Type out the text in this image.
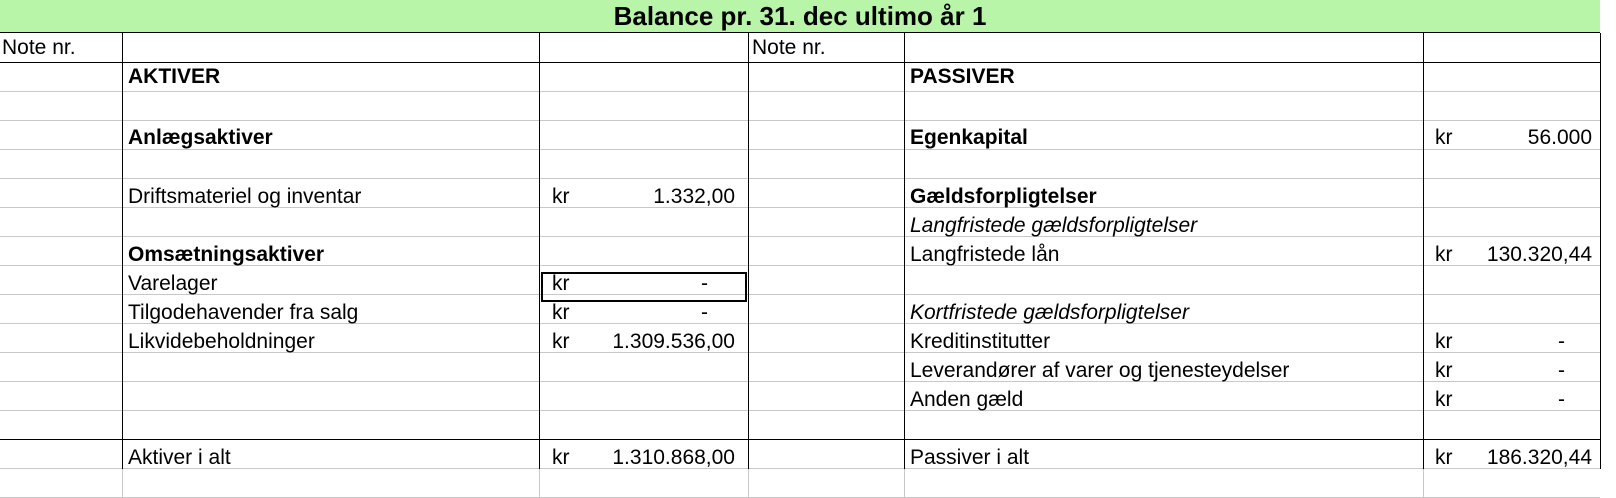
Balance pr. 31. dec ultimo år 1
Note nr.	Note nr.
AKTIVER
Anlægsaktiver
Driftsmateriel og inventar	kr	1.332,00
Omsætningsaktiver
Varelager	kr	-
Tilgodehavender fra salg	kr	-
Likvidebeholdninger	kr	1.309.536,00
Aktiver i alt	kr	1.310.868,00
PASSIVER
Egenkapital	kr	56.000
Gældsforpligtelser
Langfristede gældsforpligtelser
Langfristede lån	kr	130.320,44
Kortfristede gældsforpligtelser
Kreditinstitutter	kr	-
Leverandører af varer og tjenesteydelser	kr	-
Anden gæld	kr	-
Passiver i alt	kr	186.320,44
